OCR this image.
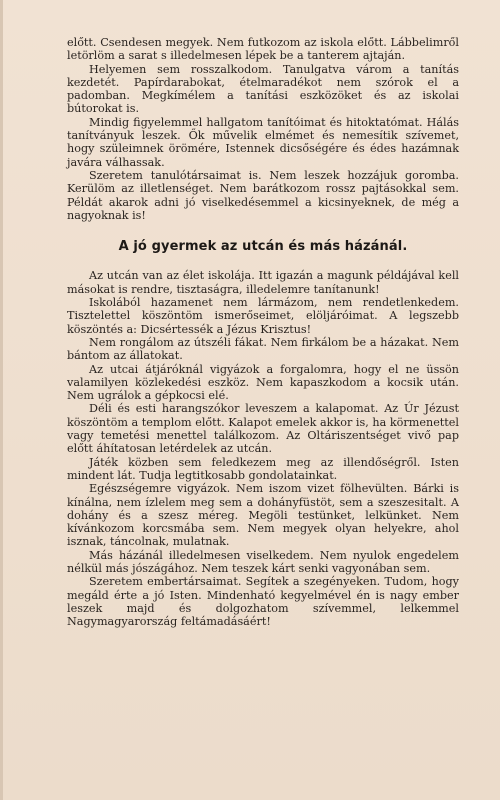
előtt. Csendesen megyek. Nem futkozom az iskola előtt. Lábbelimről letörlöm a sarat s illedelmesen lépek be a tanterem ajtaján.

Helyemen sem rosszalkodom. Tanulgatva várom a tanítás kezdetét. Papírdarabokat, ételmaradékot nem szórok el a padomban. Megkímélem a tanítási eszközöket és az iskolai bútorokat is.

Mindig figyelemmel hallgatom tanítóimat és hitoktatómat. Hálás tanítványuk leszek. Ők művelik elmémet és nemesítik szívemet, hogy szüleimnek örömére, Istennek dicsőségére és édes hazámnak javára válhassak.

Szeretem tanulótársaimat is. Nem leszek hozzájuk goromba. Kerülöm az illetlenséget. Nem barátkozom rossz pajtásokkal sem. Példát akarok adni jó viselkedésemmel a kicsinyeknek, de még a nagyoknak is!

A jó gyermek az utcán és más házánál.

Az utcán van az élet iskolája. Itt igazán a magunk példájával kell másokat is rendre, tisztaságra, illedelemre tanítanunk!

Iskolából hazamenet nem lármázom, nem rendetlenkedem. Tisztelettel köszöntöm ismerőseimet, elöljáróimat. A legszebb köszöntés a: Dicsértessék a Jézus Krisztus!

Nem rongálom az útszéli fákat. Nem firkálom be a házakat. Nem bántom az állatokat.

Az utcai átjáróknál vigyázok a forgalomra, hogy el ne üssön valamilyen közlekedési eszköz. Nem kapaszkodom a kocsik után. Nem ugrálok a gépkocsi elé.

Déli és esti harangszókor leveszem a kalapomat. Az Úr Jézust köszöntöm a templom előtt. Kalapot emelek akkor is, ha körmenettel vagy temetési menettel találkozom. Az Oltáriszentséget vivő pap előtt áhítatosan letérdelek az utcán.

Játék közben sem feledkezem meg az illendőségről. Isten mindent lát. Tudja legtitkosabb gondolatainkat.

Egészségemre vigyázok. Nem iszom vizet fölhevülten. Bárki is kínálna, nem ízlelem meg sem a dohányfüstöt, sem a szeszesitalt. A dohány és a szesz méreg. Megöli testünket, lelkünket. Nem kívánkozom korcsmába sem. Nem megyek olyan helyekre, ahol isznak, táncolnak, mulatnak.

Más házánál illedelmesen viselkedem. Nem nyulok engedelem nélkül más jószágához. Nem teszek kárt senki vagyonában sem.

Szeretem embertársaimat. Segítek a szegényeken. Tudom, hogy megáld érte a jó Isten. Mindenható kegyelmével én is nagy ember leszek majd és dolgozhatom szívemmel, lelkemmel Nagymagyarország feltámadásáért!
